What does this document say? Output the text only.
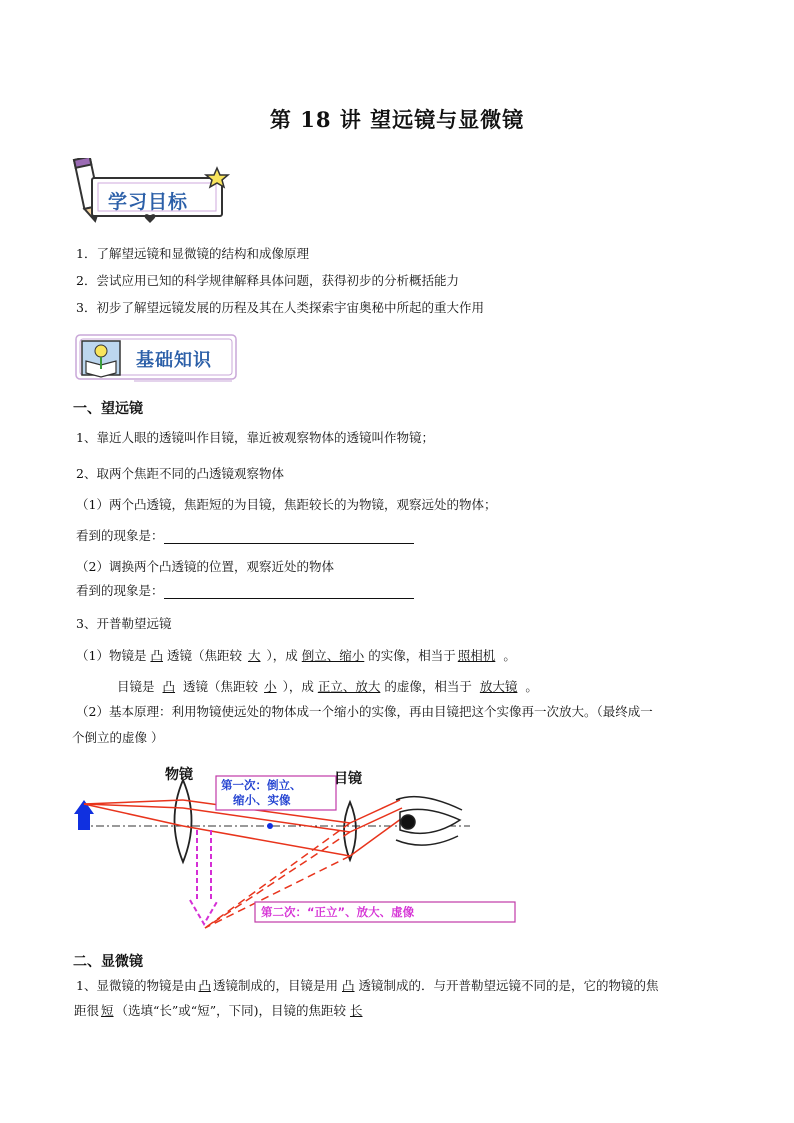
第 18 讲 望远镜与显微镜
学习目标
1．了解望远镜和显微镜的结构和成像原理
2．尝试应用已知的科学规律解释具体问题，获得初步的分析概括能力
3．初步了解望远镜发展的历程及其在人类探索宇宙奥秘中所起的重大作用
基础知识
一、望远镜
1、靠近人眼的透镜叫作目镜，靠近被观察物体的透镜叫作物镜；
2、取两个焦距不同的凸透镜观察物体
（1）两个凸透镜，焦距短的为目镜，焦距较长的为物镜，观察远处的物体；
看到的现象是：
（2）调换两个凸透镜的位置，观察近处的物体
看到的现象是：
3、开普勒望远镜
（1）物镜是 凸 透镜（焦距较 大 ），成 倒立、缩小 的实像，相当于 照相机 。
目镜是 凸 透镜（焦距较 小 ），成 正立、放大 的虚像，相当于 放大镜 。
（2）基本原理：利用物镜使远处的物体成一个缩小的实像，再由目镜把这个实像再一次放大。（最终成一
个倒立的虚像 ）
物镜	目镜
第一次：倒立、
缩小、实像
第二次：“正立”、放大、虚像
二、显微镜
1、显微镜的物镜是由 凸 透镜制成的，目镜是用 凸 透镜制成的．与开普勒望远镜不同的是，它的物镜的焦
距很 短 （选填“长”或“短”，下同)，目镜的焦距较 长
